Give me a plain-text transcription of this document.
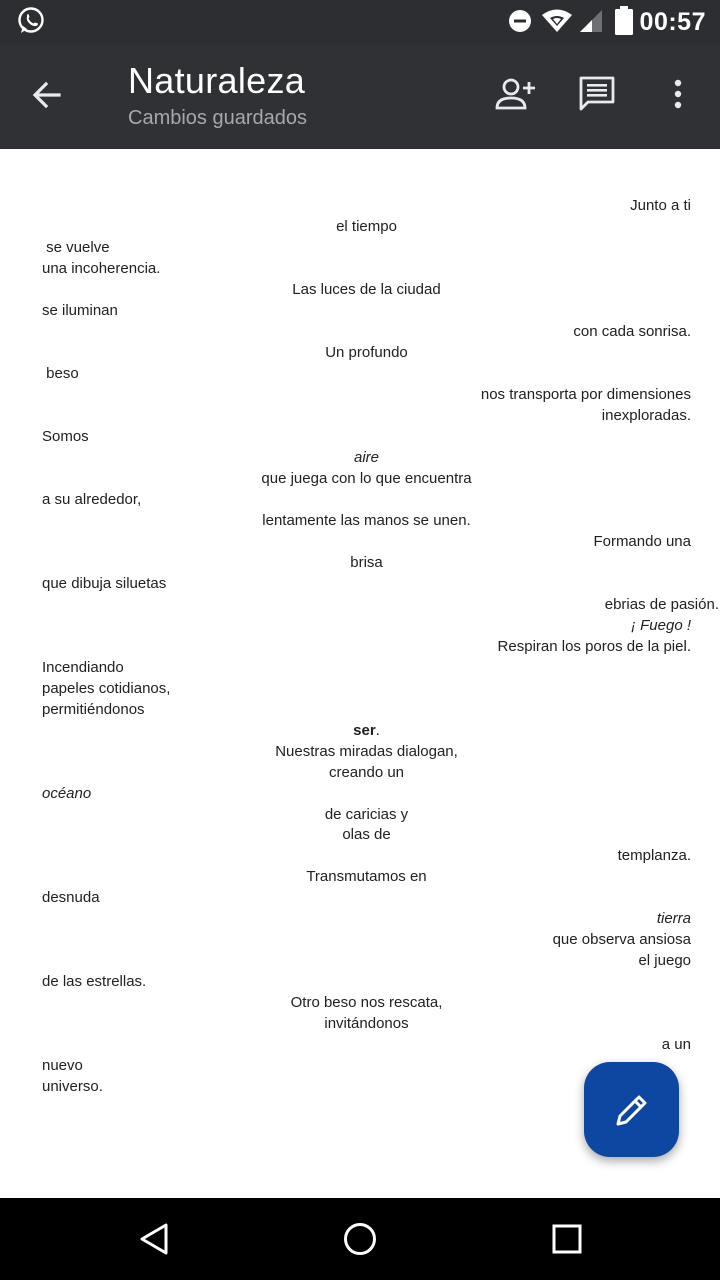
00:57
Naturaleza
Cambios guardados
Junto a ti
el tiempo
se vuelve
una incoherencia.
Las luces de la ciudad
se iluminan
con cada sonrisa.
Un profundo
beso
nos transporta por dimensiones
inexploradas.
Somos
aire
que juega con lo que encuentra
a su alrededor,
lentamente las manos se unen.
Formando una
brisa
que dibuja siluetas
ebrias de pasión.
¡ Fuego !
Respiran los poros de la piel.
Incendiando
papeles cotidianos,
permitiéndonos
ser.
Nuestras miradas dialogan,
creando un
océano
de caricias y
olas de
templanza.
Transmutamos en
desnuda
tierra
que observa ansiosa
el juego
de las estrellas.
Otro beso nos rescata,
invitándonos
a un
nuevo
universo.
